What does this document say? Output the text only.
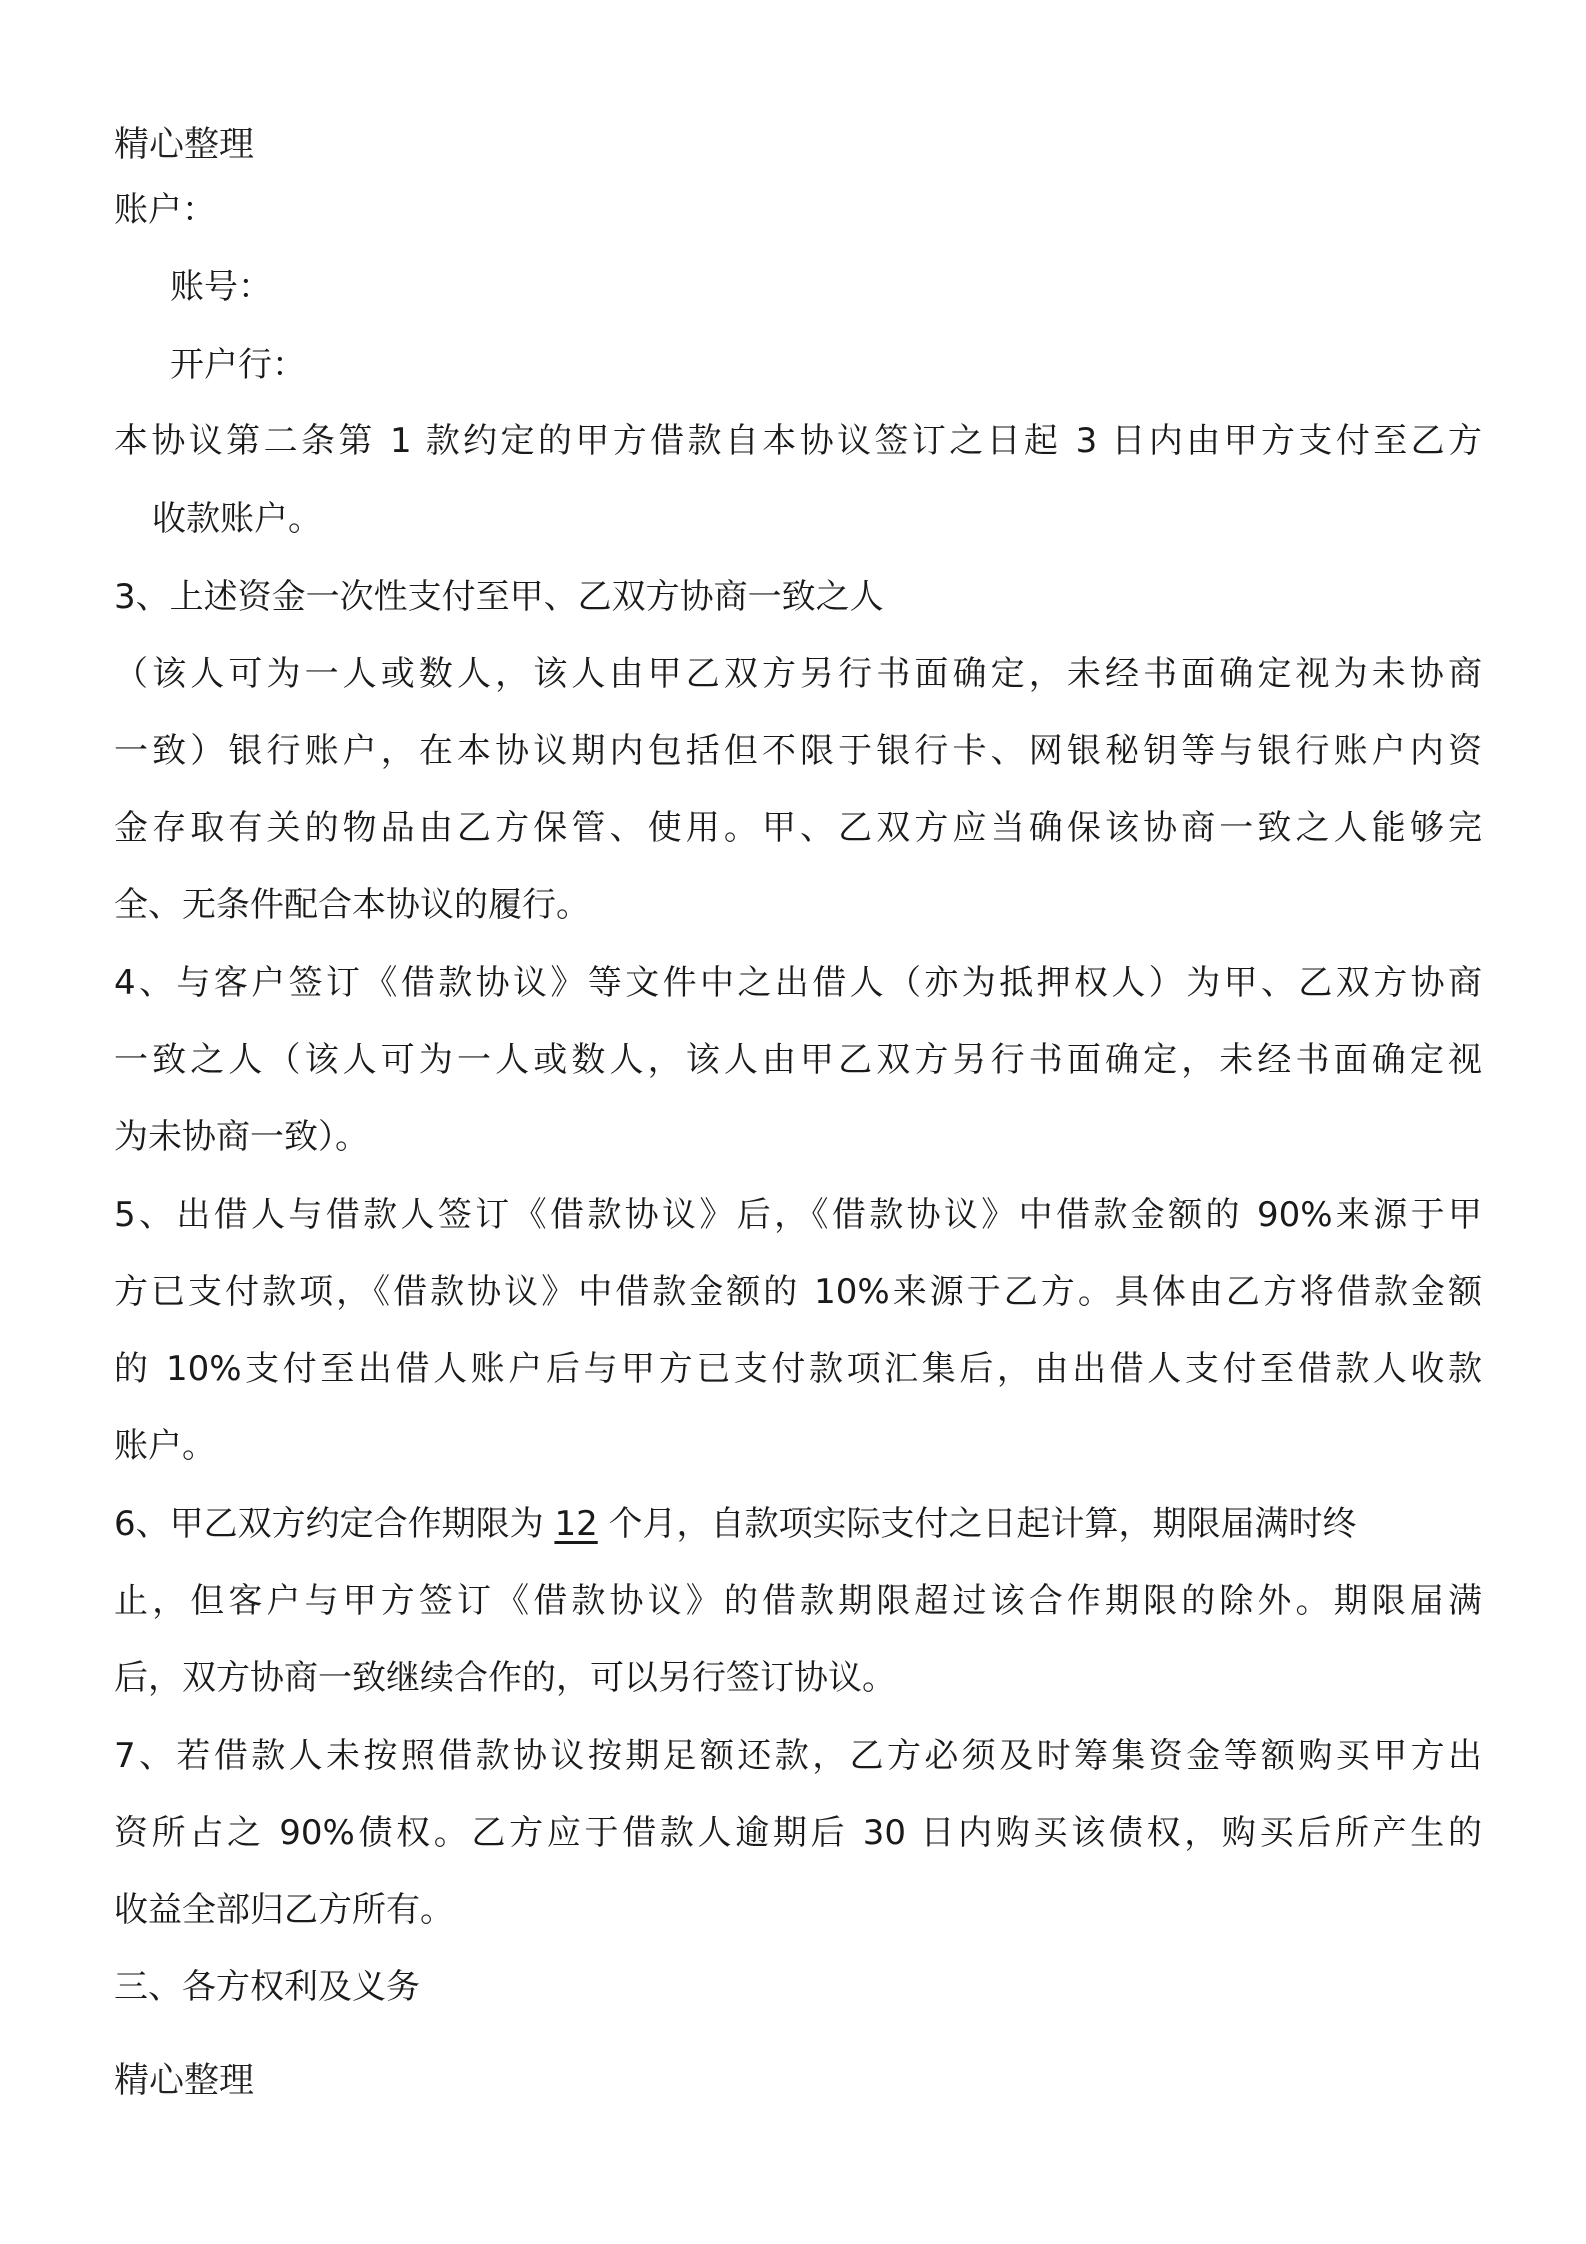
精心整理
账户：
账号：
开户行：
本协议第二条第 1 款约定的甲方借款自本协议签订之日起 3 日内由甲方支付至乙方
收款账户。
3、上述资金一次性支付至甲、乙双方协商一致之人
（该人可为一人或数人，该人由甲乙双方另行书面确定，未经书面确定视为未协商
一致）银行账户，在本协议期内包括但不限于银行卡、网银秘钥等与银行账户内资
金存取有关的物品由乙方保管、使用。甲、乙双方应当确保该协商一致之人能够完
全、无条件配合本协议的履行。
4、与客户签订《借款协议》等文件中之出借人（亦为抵押权人）为甲、乙双方协商
一致之人（该人可为一人或数人，该人由甲乙双方另行书面确定，未经书面确定视
为未协商一致）。
5、出借人与借款人签订《借款协议》后，《借款协议》中借款金额的 90%来源于甲
方已支付款项，《借款协议》中借款金额的 10%来源于乙方。具体由乙方将借款金额
的 10%支付至出借人账户后与甲方已支付款项汇集后，由出借人支付至借款人收款
账户。
6、甲乙双方约定合作期限为 12 个月，自款项实际支付之日起计算，期限届满时终
止，但客户与甲方签订《借款协议》的借款期限超过该合作期限的除外。期限届满
后，双方协商一致继续合作的，可以另行签订协议。
7、若借款人未按照借款协议按期足额还款，乙方必须及时筹集资金等额购买甲方出
资所占之 90%债权。乙方应于借款人逾期后 30 日内购买该债权，购买后所产生的
收益全部归乙方所有。
三、各方权利及义务
精心整理
